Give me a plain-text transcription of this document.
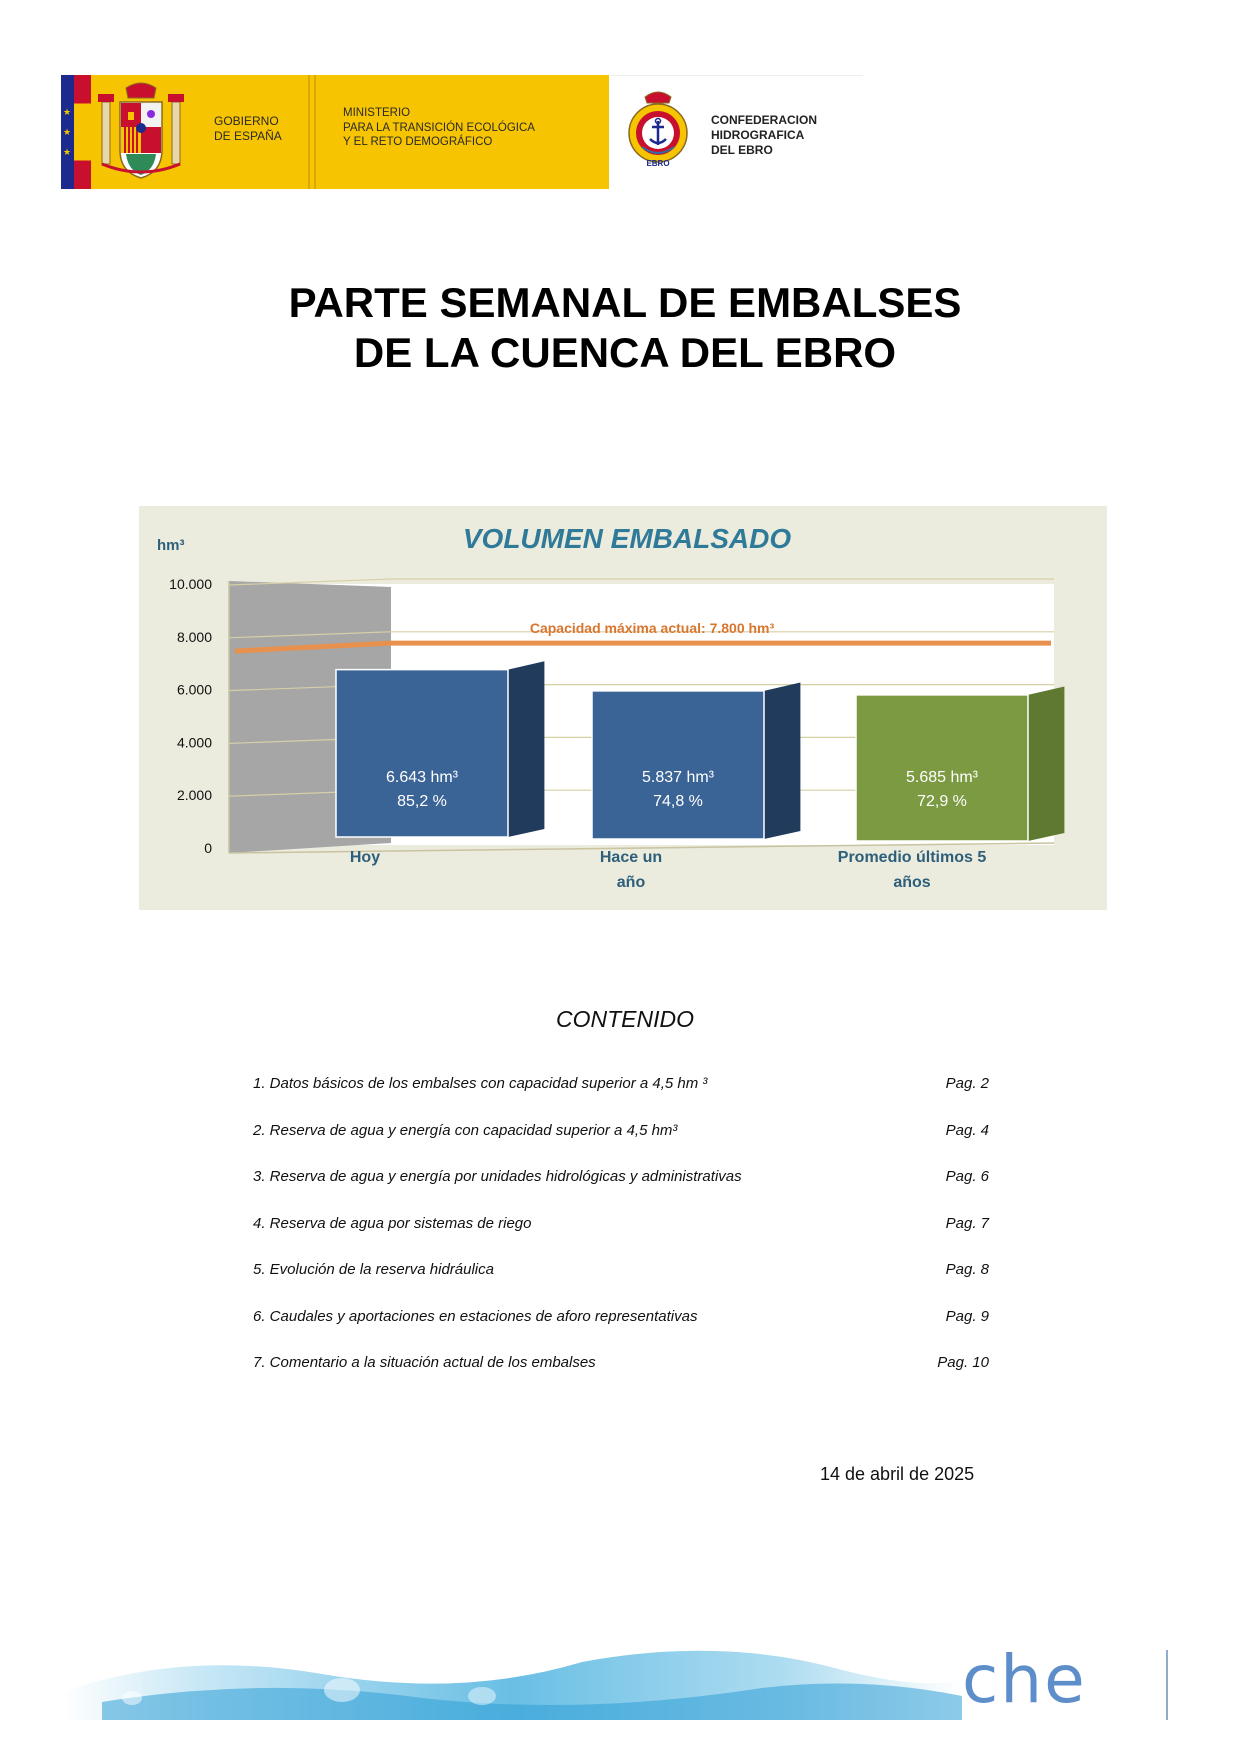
★
★
★
GOBIERNO
DE ESPAÑA
MINISTERIO
PARA LA TRANSICIÓN ECOLÓGICA
Y EL RETO DEMOGRÁFICO
EBRO
CONFEDERACION
HIDROGRAFICA
DEL EBRO
PARTE SEMANAL DE EMBALSES
DE LA CUENCA DEL EBRO
0
2.000
4.000
6.000
8.000
10.000
hm³	VOLUMEN EMBALSADO
Capacidad máxima actual: 7.800 hm³
6.643 hm³
85,2 %
Hoy
5.837 hm³
74,8 %
Hace un
año
5.685 hm³
72,9 %
Promedio últimos 5
años
CONTENIDO
1. Datos básicos de los embalses con capacidad superior a 4,5 hm ³	Pag. 2
2. Reserva de agua y energía con capacidad superior a 4,5 hm³	Pag. 4
3. Reserva de agua y energía por unidades hidrológicas y administrativas	Pag. 6
4. Reserva de agua por sistemas de riego	Pag. 7
5. Evolución de la reserva hidráulica	Pag. 8
6. Caudales y aportaciones en estaciones de aforo representativas	Pag. 9
7. Comentario a la situación actual de los embalses	Pag. 10
14 de abril de 2025
che
